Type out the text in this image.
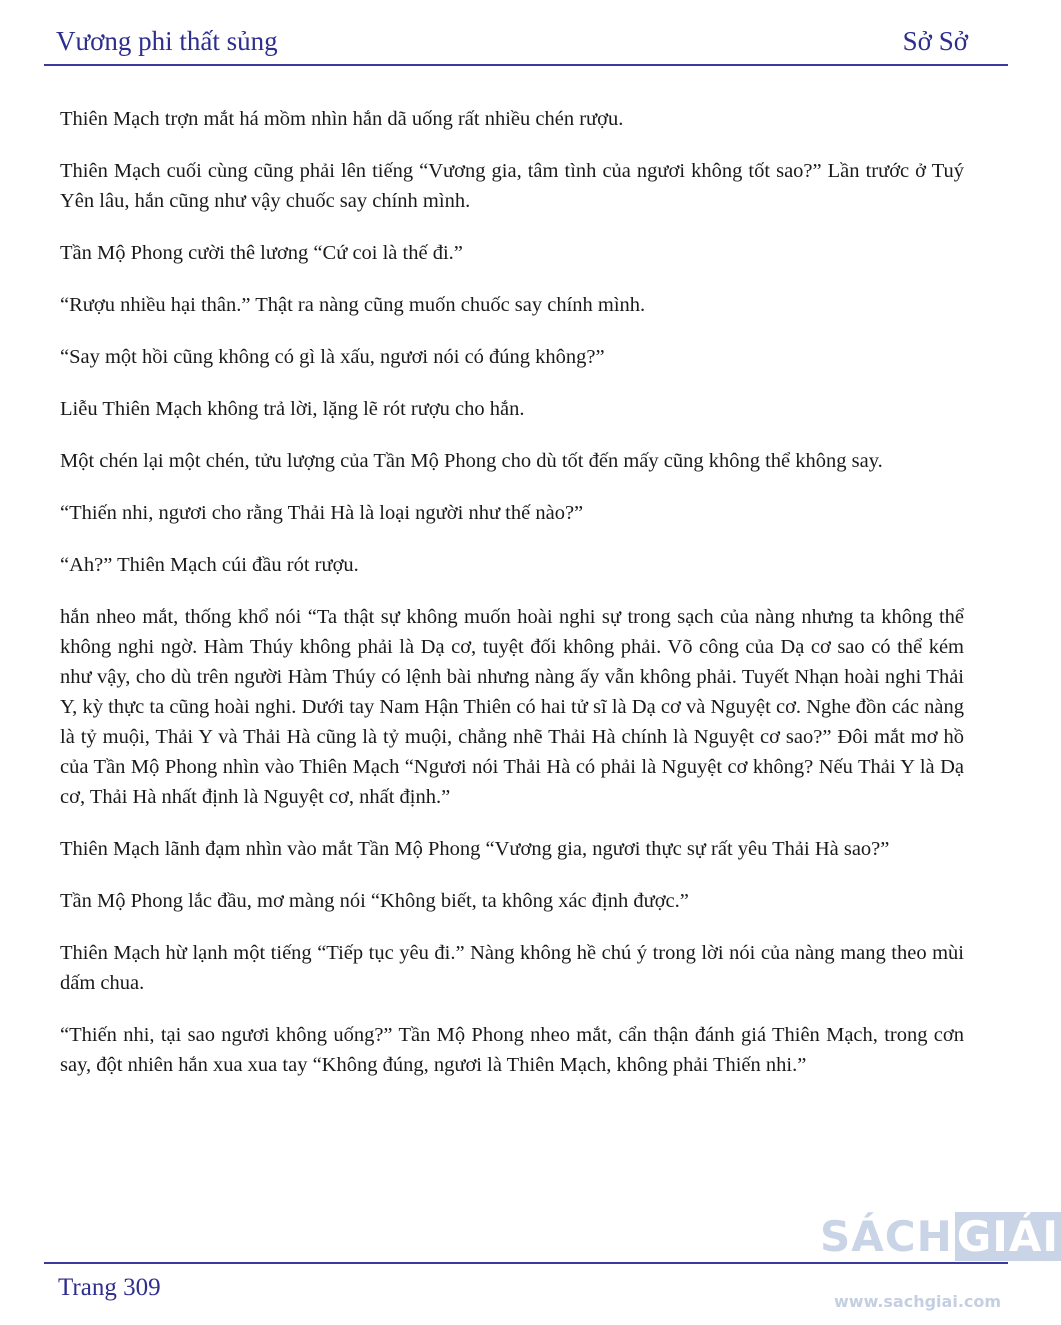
Vương phi thất sủng	Sở Sở

Thiên Mạch trợn mắt há mồm nhìn hắn dã uống rất nhiều chén rượu.

Thiên Mạch cuối cùng cũng phải lên tiếng “Vương gia, tâm tình của ngươi không tốt sao?” Lần trước ở Tuý Yên lâu, hắn cũng như vậy chuốc say chính mình.

Tần Mộ Phong cười thê lương “Cứ coi là thế đi.”

“Rượu nhiều hại thân.” Thật ra nàng cũng muốn chuốc say chính mình.

“Say một hồi cũng không có gì là xấu, ngươi nói có đúng không?”

Liễu Thiên Mạch không trả lời, lặng lẽ rót rượu cho hắn.

Một chén lại một chén, tửu lượng của Tần Mộ Phong cho dù tốt đến mấy cũng không thể không say.

“Thiến nhi, ngươi cho rằng Thải Hà là loại người như thế nào?”

“Ah?” Thiên Mạch cúi đầu rót rượu.

hắn nheo mắt, thống khổ nói “Ta thật sự không muốn hoài nghi sự trong sạch của nàng nhưng ta không thể không nghi ngờ. Hàm Thúy không phải là Dạ cơ, tuyệt đối không phải. Võ công của Dạ cơ sao có thể kém như vậy, cho dù trên người Hàm Thúy có lệnh bài nhưng nàng ấy vẫn không phải. Tuyết Nhạn hoài nghi Thải Y, kỳ thực ta cũng hoài nghi. Dưới tay Nam Hận Thiên có hai tử sĩ là Dạ cơ và Nguyệt cơ. Nghe đồn các nàng là tỷ muội, Thải Y và Thải Hà cũng là tỷ muội, chẳng nhẽ Thải Hà chính là Nguyệt cơ sao?” Đôi mắt mơ hồ của Tần Mộ Phong nhìn vào Thiên Mạch “Ngươi nói Thải Hà có phải là Nguyệt cơ không? Nếu Thải Y là Dạ cơ, Thải Hà nhất định là Nguyệt cơ, nhất định.”

Thiên Mạch lãnh đạm nhìn vào mắt Tần Mộ Phong “Vương gia, ngươi thực sự rất yêu Thải Hà sao?”

Tần Mộ Phong lắc đầu, mơ màng nói “Không biết, ta không xác định được.”

Thiên Mạch hừ lạnh một tiếng “Tiếp tục yêu đi.” Nàng không hề chú ý trong lời nói của nàng mang theo mùi dấm chua.

“Thiến nhi, tại sao ngươi không uống?” Tần Mộ Phong nheo mắt, cẩn thận đánh giá Thiên Mạch, trong cơn say, đột nhiên hắn xua xua tay “Không đúng, ngươi là Thiên Mạch, không phải Thiến nhi.”

Trang 309
SÁCHGIẢI
www.sachgiai.com
